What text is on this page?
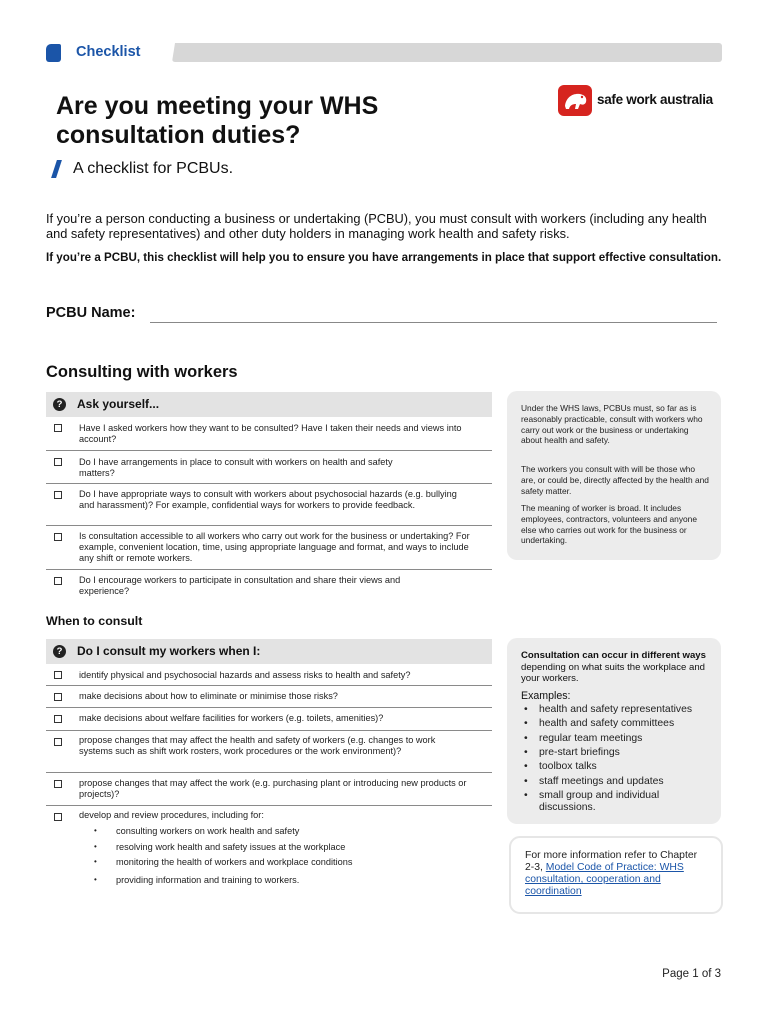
Checklist
Are you meeting your WHS consultation duties?
A checklist for PCBUs.
safe work australia
If you’re a person conducting a business or undertaking (PCBU), you must consult with workers (including any health and safety representatives) and other duty holders in managing work health and safety risks.
If you’re a PCBU, this checklist will help you to ensure you have arrangements in place that support effective consultation.
PCBU Name:
Consulting with workers
? Ask yourself...
Have I asked workers how they want to be consulted? Have I taken their needs and views into account?
Do I have arrangements in place to consult with workers on health and safety matters?
Do I have appropriate ways to consult with workers about psychosocial hazards (e.g. bullying and harassment)? For example, confidential ways for workers to provide feedback.
Is consultation accessible to all workers who carry out work for the business or undertaking? For example, convenient location, time, using appropriate language and format, and ways to include any shift or remote workers.
Do I encourage workers to participate in consultation and share their views and experience?
When to consult
? Do I consult my workers when I:
identify physical and psychosocial hazards and assess risks to health and safety?
make decisions about how to eliminate or minimise those risks?
make decisions about welfare facilities for workers (e.g. toilets, amenities)?
propose changes that may affect the health and safety of workers (e.g. changes to work systems such as shift work rosters, work procedures or the work environment)?
propose changes that may affect the work (e.g. purchasing plant or introducing new products or projects)?
develop and review procedures, including for:
• consulting workers on work health and safety
• resolving work health and safety issues at the workplace
• monitoring the health of workers and workplace conditions
• providing information and training to workers.
Under the WHS laws, PCBUs must, so far as is reasonably practicable, consult with workers who carry out work or the business or undertaking about health and safety.
The workers you consult with will be those who are, or could be, directly affected by the health and safety matter.
The meaning of worker is broad. It includes employees, contractors, volunteers and anyone else who carries out work for the business or undertaking.
Consultation can occur in different ways depending on what suits the workplace and your workers.
Examples:
• health and safety representatives
• health and safety committees
• regular team meetings
• pre-start briefings
• toolbox talks
• staff meetings and updates
• small group and individual discussions.
For more information refer to Chapter 2-3, Model Code of Practice: WHS consultation, cooperation and coordination
Page 1 of 3
